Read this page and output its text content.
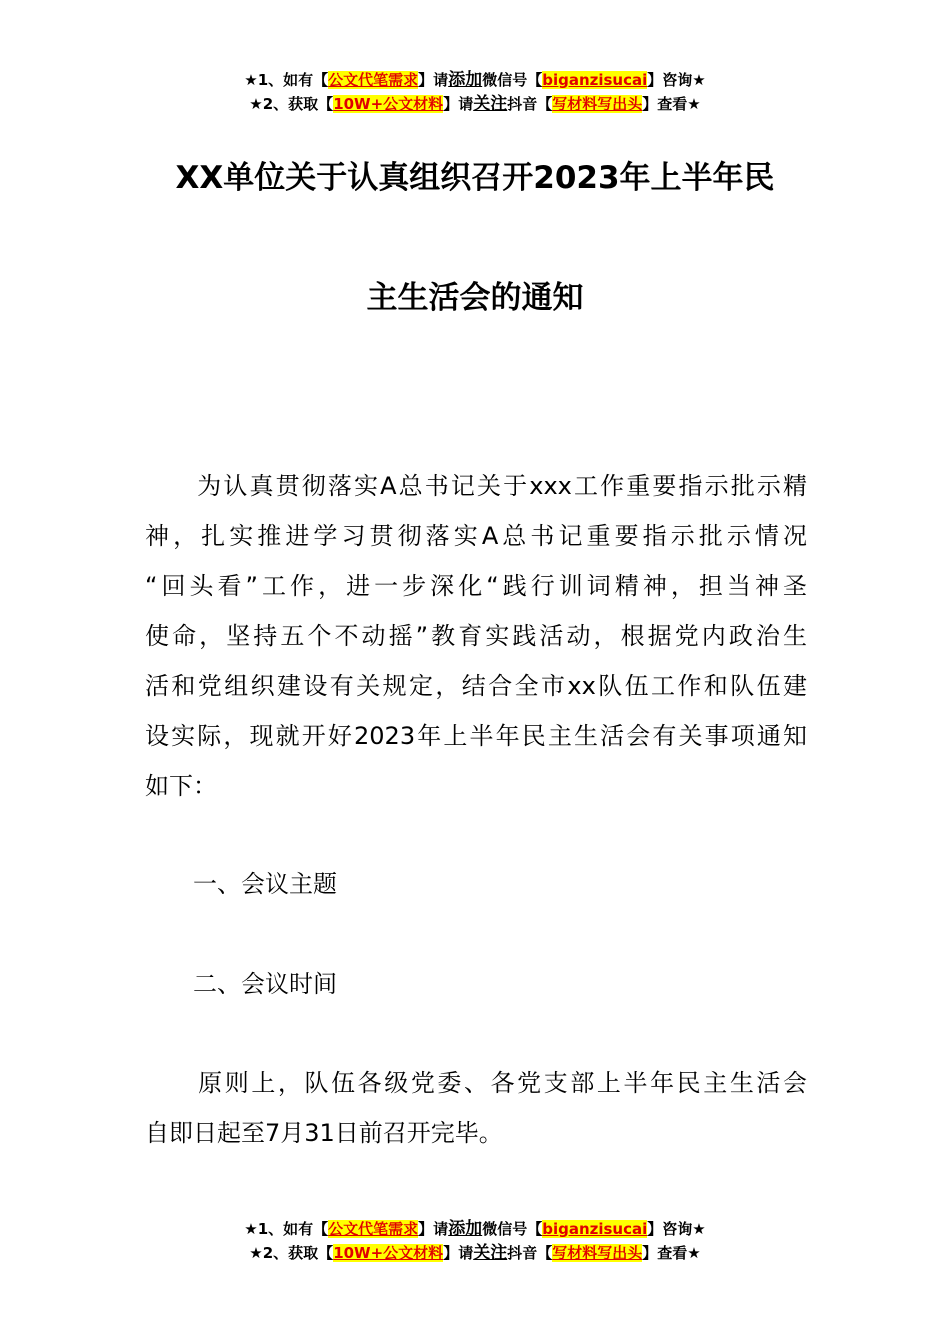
★1、如有【公文代笔需求】请添加微信号【biganzisucai】咨询★
★2、获取【10W+公文材料】请关注抖音【写材料写出头】查看★
XX单位关于认真组织召开2023年上半年民
主生活会的通知
　　为认真贯彻落实A总书记关于xxx工作重要指示批示精
神，扎实推进学习贯彻落实A总书记重要指示批示情况
“回头看”工作，进一步深化“践行训词精神，担当神圣
使命，坚持五个不动摇”教育实践活动，根据党内政治生
活和党组织建设有关规定，结合全市xx队伍工作和队伍建
设实际，现就开好2023年上半年民主生活会有关事项通知
如下：
　　一、会议主题
　　二、会议时间
　　原则上，队伍各级党委、各党支部上半年民主生活会
自即日起至7月31日前召开完毕。
★1、如有【公文代笔需求】请添加微信号【biganzisucai】咨询★
★2、获取【10W+公文材料】请关注抖音【写材料写出头】查看★
